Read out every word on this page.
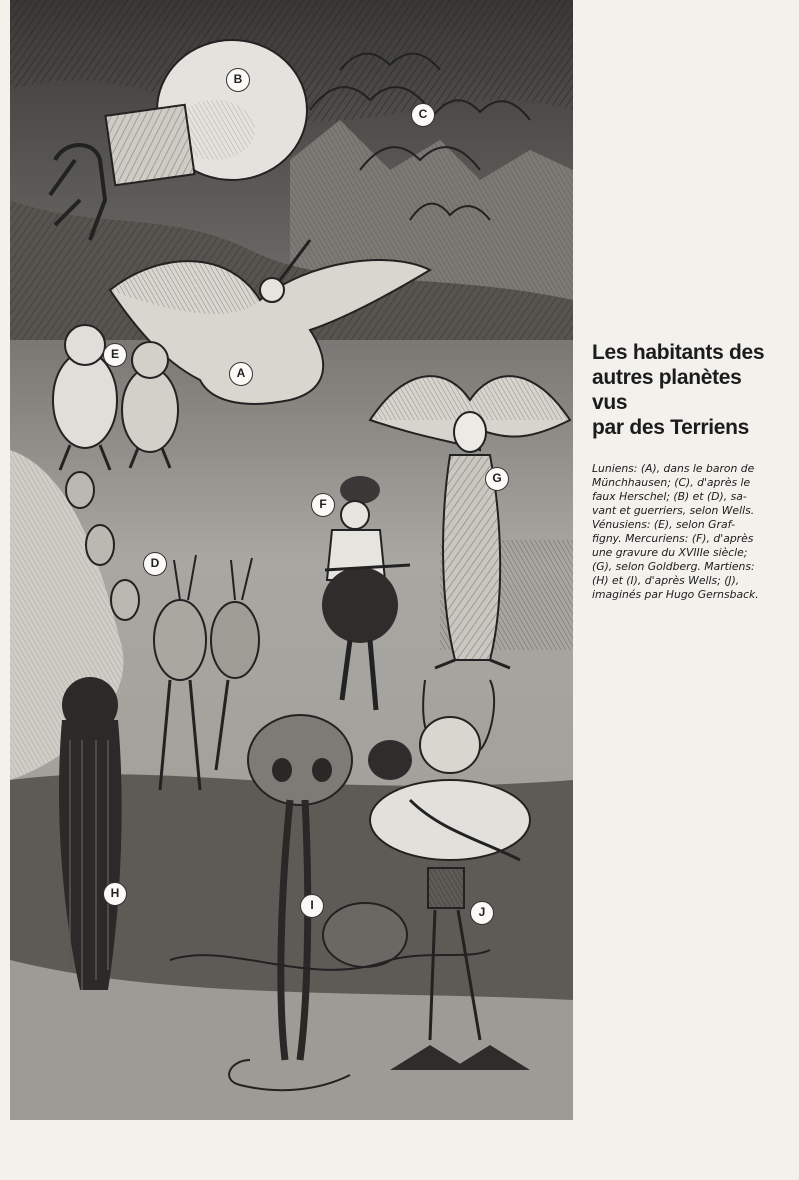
B
C
E
A
G
F
D
H
I	J
Les habitants des
autres planètes vus
par des Terriens

Luniens: (A), dans le baron de
Münchhausen; (C), d'après le
faux Herschel; (B) et (D), sa-
vant et guerriers, selon Wells.
Vénusiens: (E), selon Graf-
figny. Mercuriens: (F), d'après
une gravure du XVIIIe siècle;
(G), selon Goldberg. Martiens:
(H) et (I), d'après Wells; (J),
imaginés par Hugo Gernsback.
